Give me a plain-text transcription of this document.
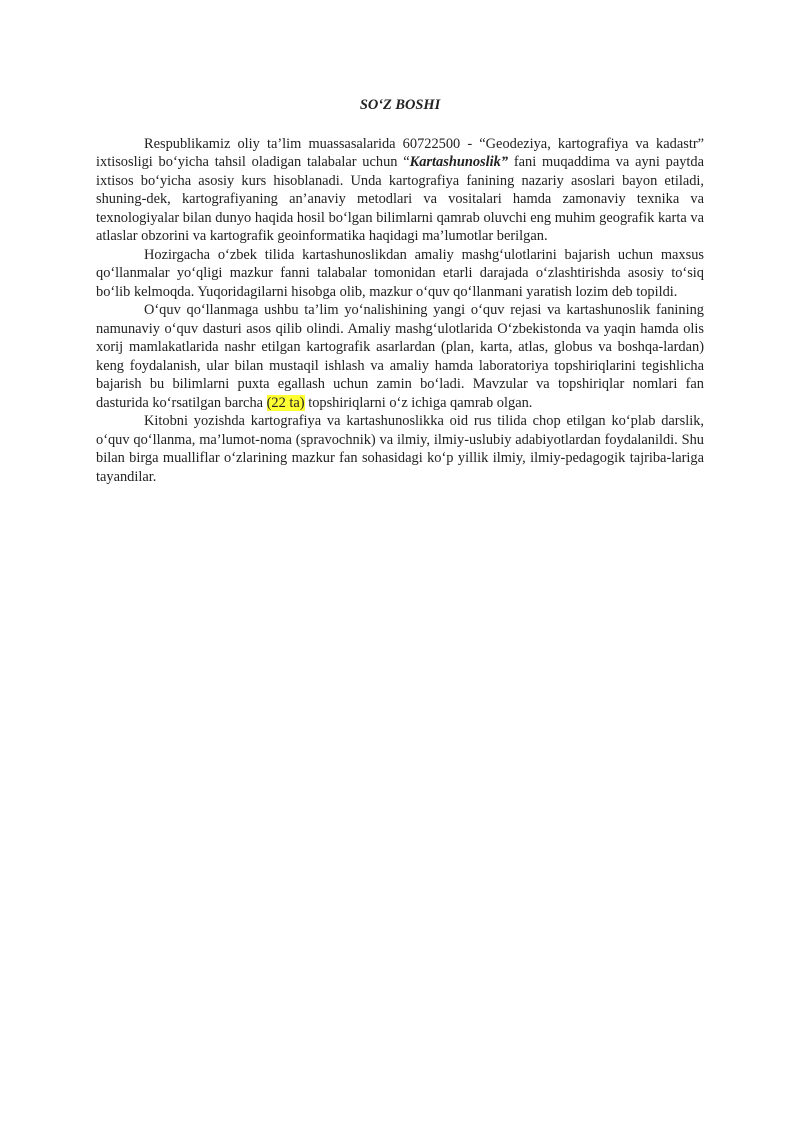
SO‘Z BOSHI

Respublikamiz oliy ta’lim muassasalarida 60722500 - “Geodeziya, kartografiya va kadastr” ixtisosligi bo‘yicha tahsil oladigan talabalar uchun “Kartashunoslik” fani muqaddima va ayni paytda ixtisos bo‘yicha asosiy kurs hisoblanadi. Unda kartografiya fanining nazariy asoslari bayon etiladi, shuning-dek, kartografiyaning an’anaviy metodlari va vositalari hamda zamonaviy texnika va texnologiyalar bilan dunyo haqida hosil bo‘lgan bilimlarni qamrab oluvchi eng muhim geografik karta va atlaslar obzorini va kartografik geoinformatika haqidagi ma’lumotlar berilgan.

Hozirgacha o‘zbek tilida kartashunoslikdan amaliy mashg‘ulotlarini bajarish uchun maxsus qo‘llanmalar yo‘qligi mazkur fanni talabalar tomonidan etarli darajada o‘zlashtirishda asosiy to‘siq bo‘lib kelmoqda. Yuqoridagilarni hisobga olib, mazkur o‘quv qo‘llanmani yaratish lozim deb topildi.

O‘quv qo‘llanmaga ushbu ta’lim yo‘nalishining yangi o‘quv rejasi va kartashunoslik fanining namunaviy o‘quv dasturi asos qilib olindi. Amaliy mashg‘ulotlarida O‘zbekistonda va yaqin hamda olis xorij mamlakatlarida nashr etilgan kartografik asarlardan (plan, karta, atlas, globus va boshqa-lardan) keng foydalanish, ular bilan mustaqil ishlash va amaliy hamda laboratoriya topshiriqlarini tegishlicha bajarish bu bilimlarni puxta egallash uchun zamin bo‘ladi. Mavzular va topshiriqlar nomlari fan dasturida ko‘rsatilgan barcha (22 ta) topshiriqlarni o‘z ichiga qamrab olgan.

Kitobni yozishda kartografiya va kartashunoslikka oid rus tilida chop etilgan ko‘plab darslik, o‘quv qo‘llanma, ma’lumot-noma (spravochnik) va ilmiy, ilmiy-uslubiy adabiyotlardan foydalanildi. Shu bilan birga mualliflar o‘zlarining mazkur fan sohasidagi ko‘p yillik ilmiy, ilmiy-pedagogik tajriba-lariga tayandilar.
